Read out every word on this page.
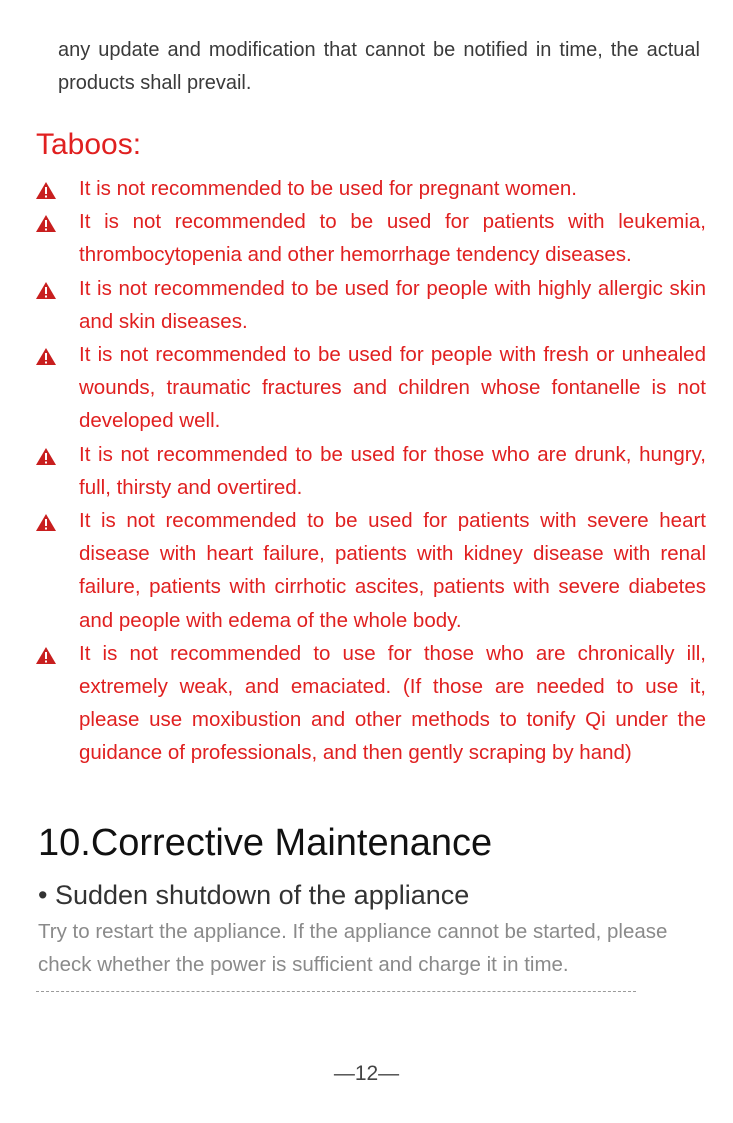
any update and modification that cannot be notified in time, the actual products shall prevail.
Taboos:
It is not recommended to be used for pregnant women.
It is not recommended to be used for patients with leukemia, thrombocytopenia and other hemorrhage tendency diseases.
It is not recommended to be used for people with highly allergic skin and skin diseases.
It is not recommended to be used for people with fresh or unhealed wounds, traumatic fractures and children whose fontanelle is not developed well.
It is not recommended to be used for those who are drunk, hungry, full, thirsty and overtired.
It is not recommended to be used for patients with severe heart disease with heart failure, patients with kidney disease with renal failure, patients with cirrhotic ascites, patients with severe diabetes and people with edema of the whole body.
It is not recommended to use for those who are chronically ill, extremely weak, and emaciated. (If those are needed to use it, please use moxibustion and other methods to tonify Qi under the guidance of professionals, and then gently scraping by hand)
10.Corrective Maintenance
• Sudden shutdown of the appliance
Try to restart the appliance. If the appliance cannot be started, please check whether the power is sufficient and charge it in time.
—12—
